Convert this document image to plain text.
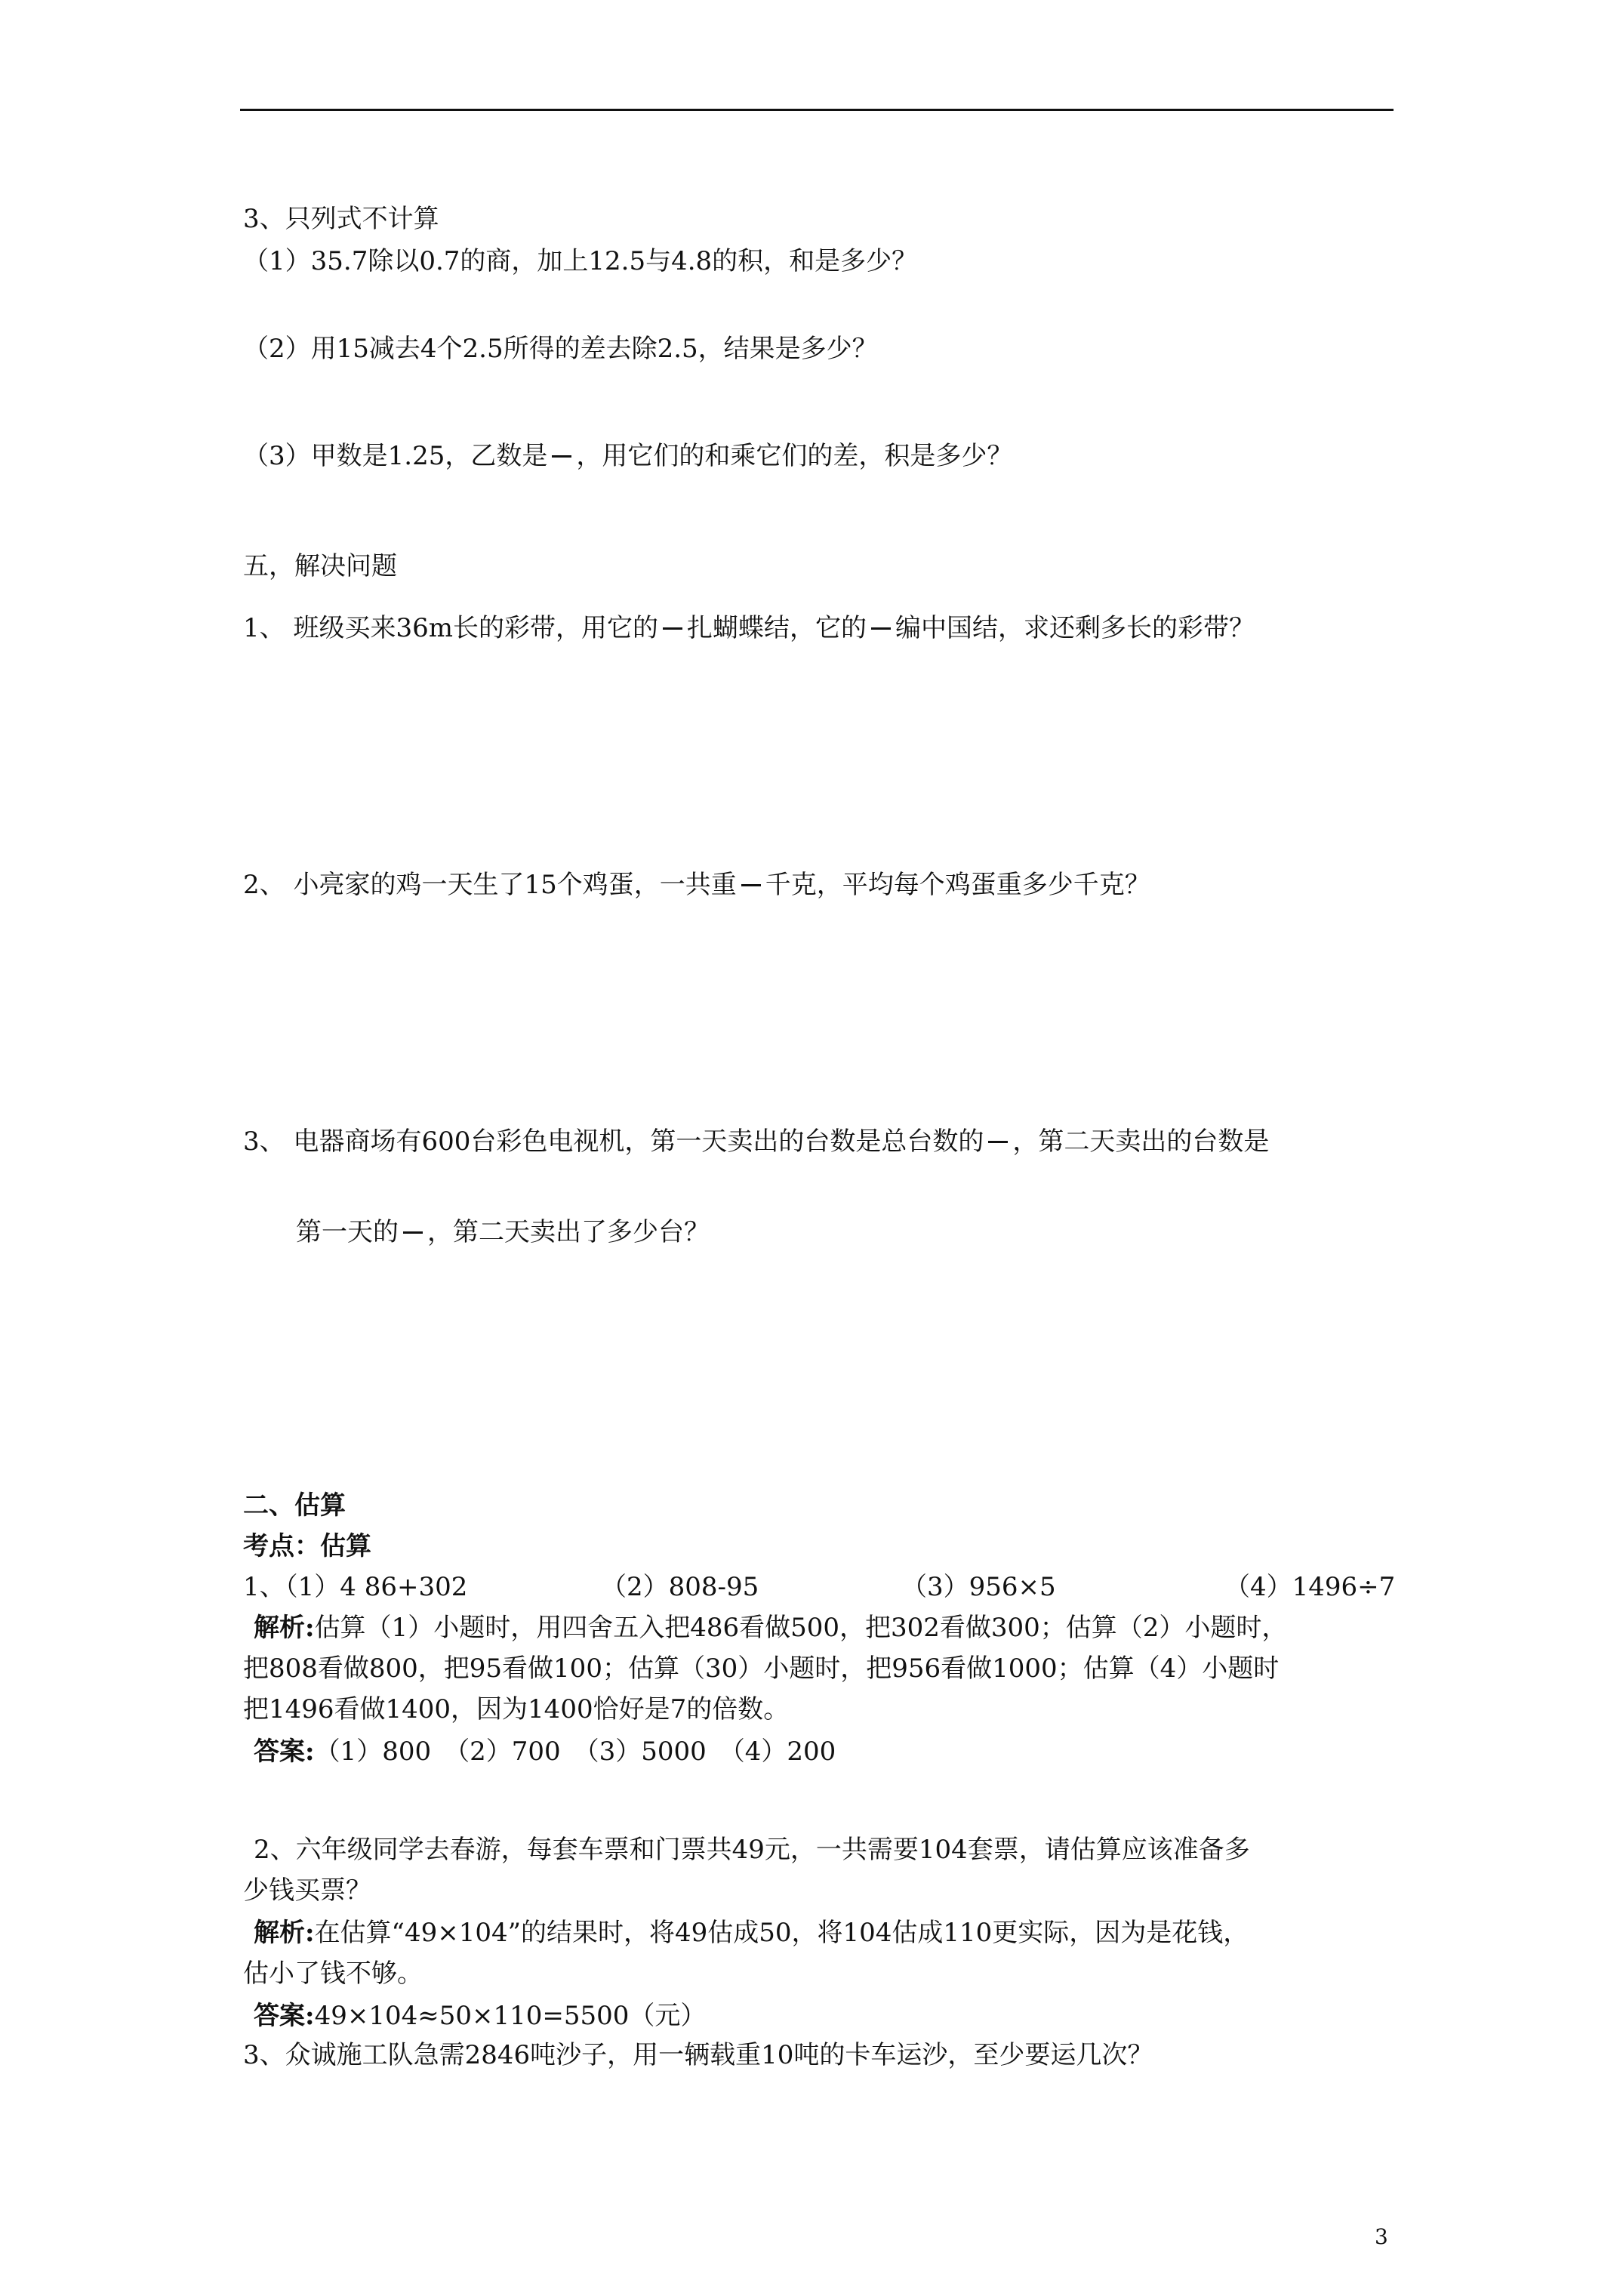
3、只列式不计算
（1）35.7除以0.7的商，加上12.5与4.8的积，和是多少？
（2）用15减去4个2.5所得的差去除2.5，结果是多少？
（3）甲数是1.25，乙数是 ，用它们的和乘它们的差，积是多少？
五，解决问题
1、 班级买来36m长的彩带，用它的 扎蝴蝶结，它的 编中国结，求还剩多长的彩带？
2、 小亮家的鸡一天生了15个鸡蛋，一共重 千克，平均每个鸡蛋重多少千克？
3、 电器商场有600台彩色电视机，第一天卖出的台数是总台数的 ，第二天卖出的台数是
第一天的 ，第二天卖出了多少台？
二、估算
考点：估算
1、（1）4 86+302	（2）808-95	（3）956×5	（4）1496÷7
解析:估算（1）小题时，用四舍五入把486看做500，把302看做300；估算（2）小题时，
把808看做800，把95看做100；估算（30）小题时，把956看做1000；估算（4）小题时
把1496看做1400，因为1400恰好是7的倍数。
答案:（1）800　（2）700　（3）5000　（4）200
2、六年级同学去春游，每套车票和门票共49元，一共需要104套票，请估算应该准备多
少钱买票？
解析:在估算“49×104”的结果时，将49估成50，将104估成110更实际，因为是花钱，
估小了钱不够。
答案:49×104≈50×110=5500（元）
3、众诚施工队急需2846吨沙子，用一辆载重10吨的卡车运沙，至少要运几次？
3
